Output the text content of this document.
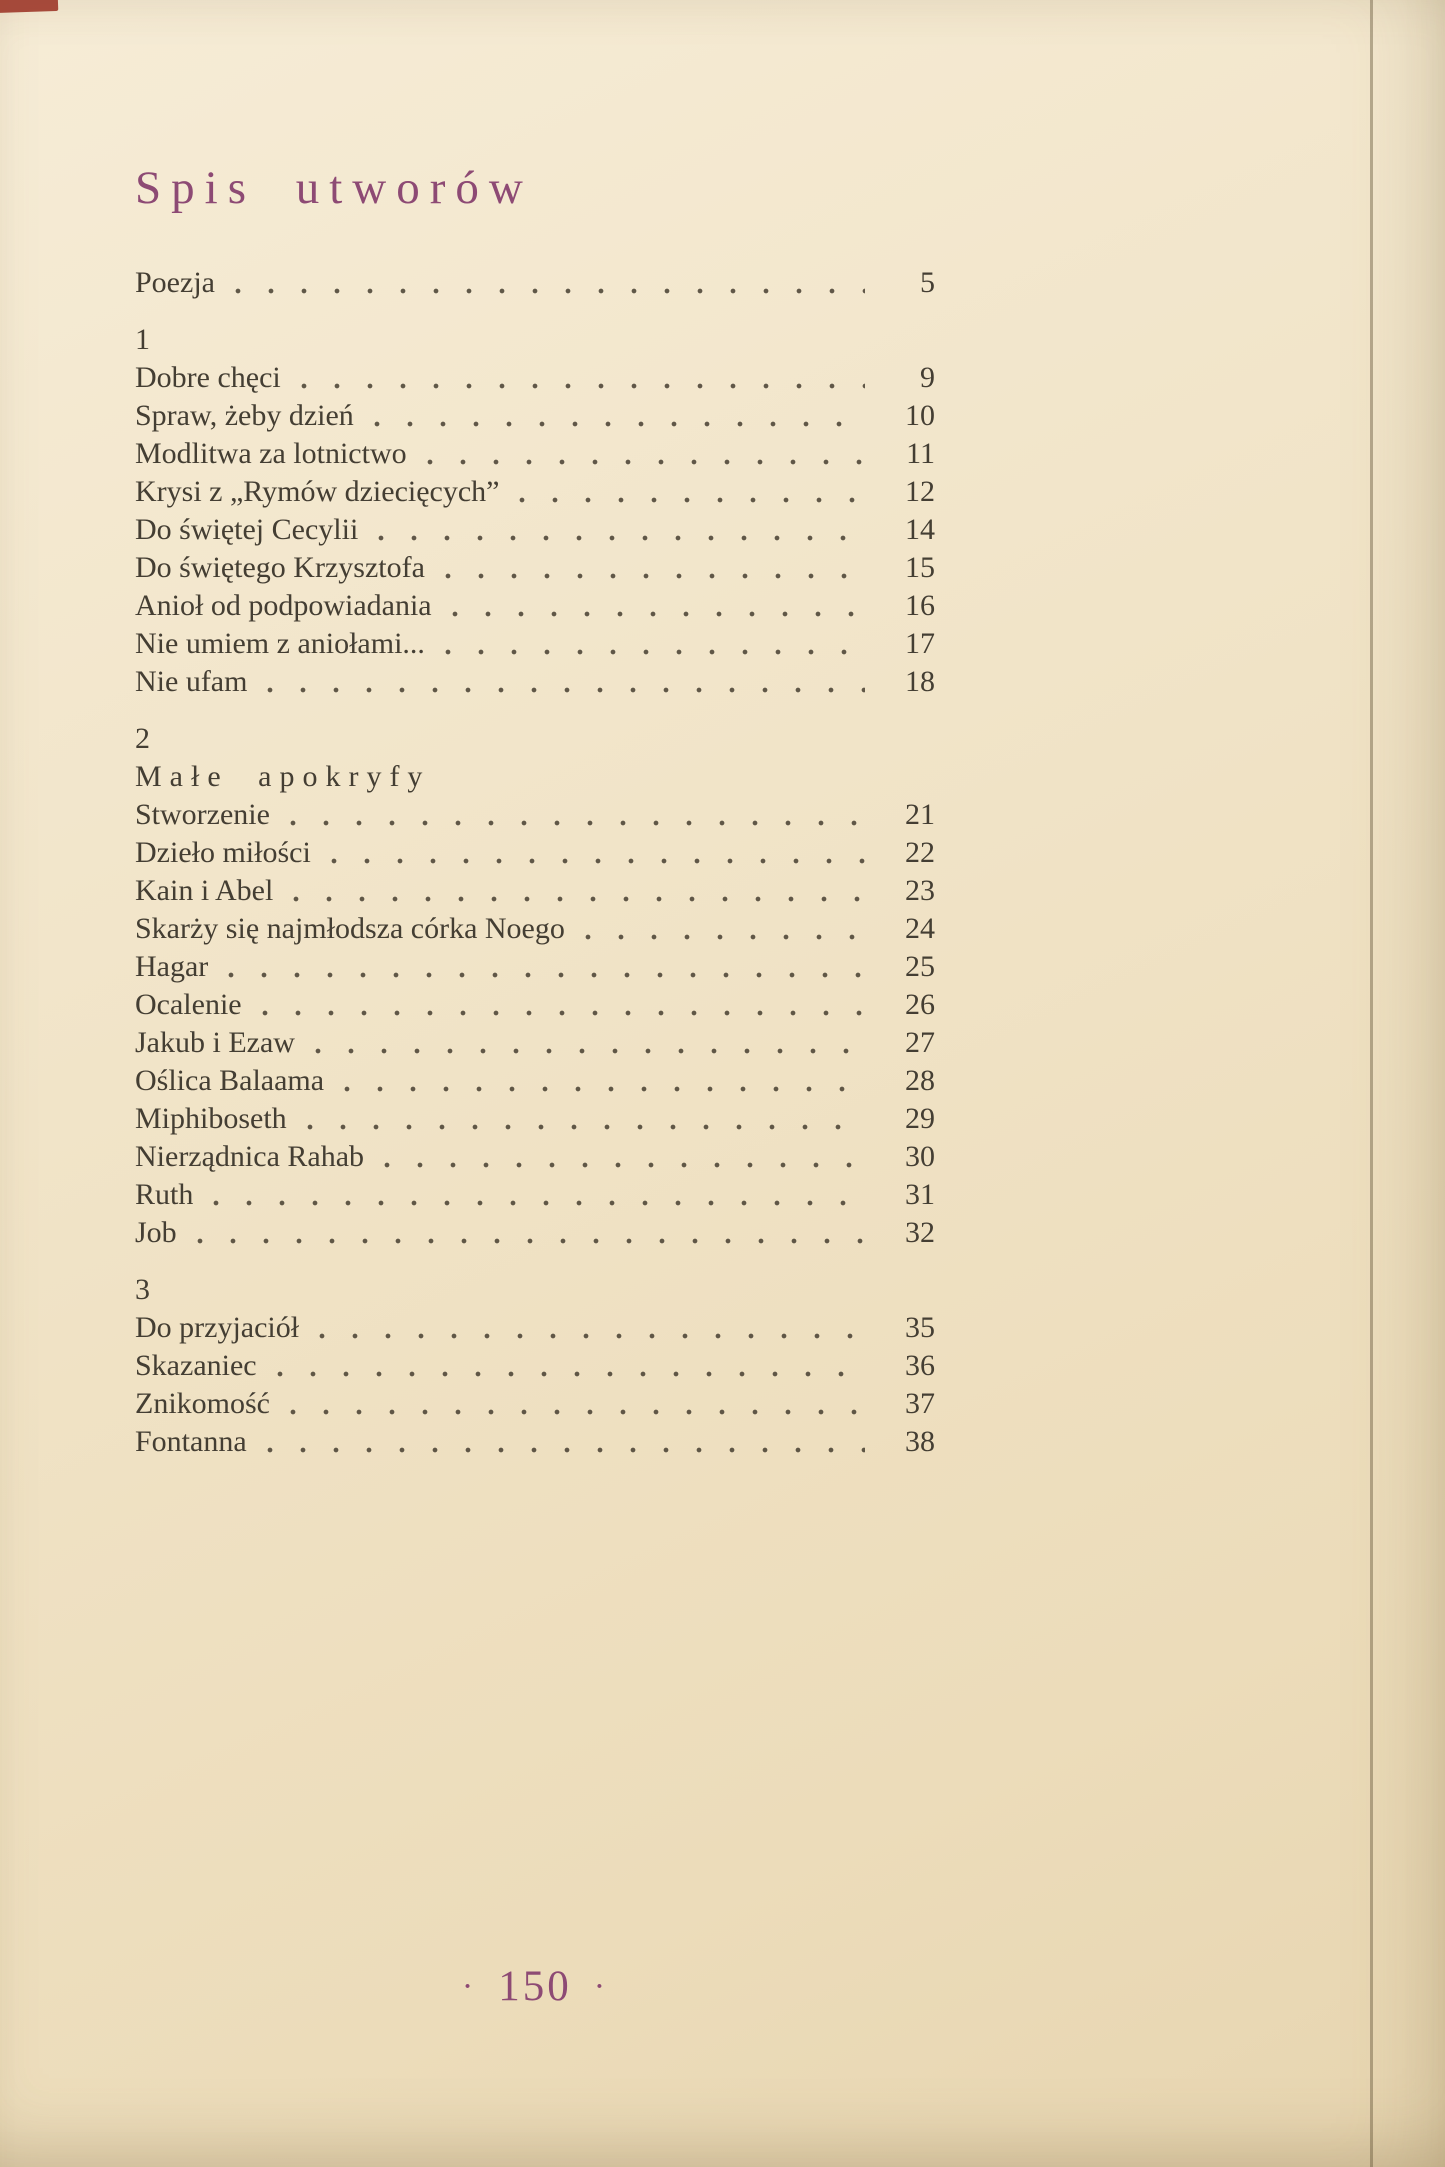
Spis utworów
Poezja	5
1
Dobre chęci	9
Spraw, żeby dzień	10
Modlitwa za lotnictwo	11
Krysi z „Rymów dziecięcych”	12
Do świętej Cecylii	14
Do świętego Krzysztofa	15
Anioł od podpowiadania	16
Nie umiem z aniołami...	17
Nie ufam	18
2
Małe apokryfy
Stworzenie	21
Dzieło miłości	22
Kain i Abel	23
Skarży się najmłodsza córka Noego	24
Hagar	25
Ocalenie	26
Jakub i Ezaw	27
Oślica Balaama	28
Miphiboseth	29
Nierządnica Rahab	30
Ruth	31
Job	32
3
Do przyjaciół	35
Skazaniec	36
Znikomość	37
Fontanna	38
· 150 ·
